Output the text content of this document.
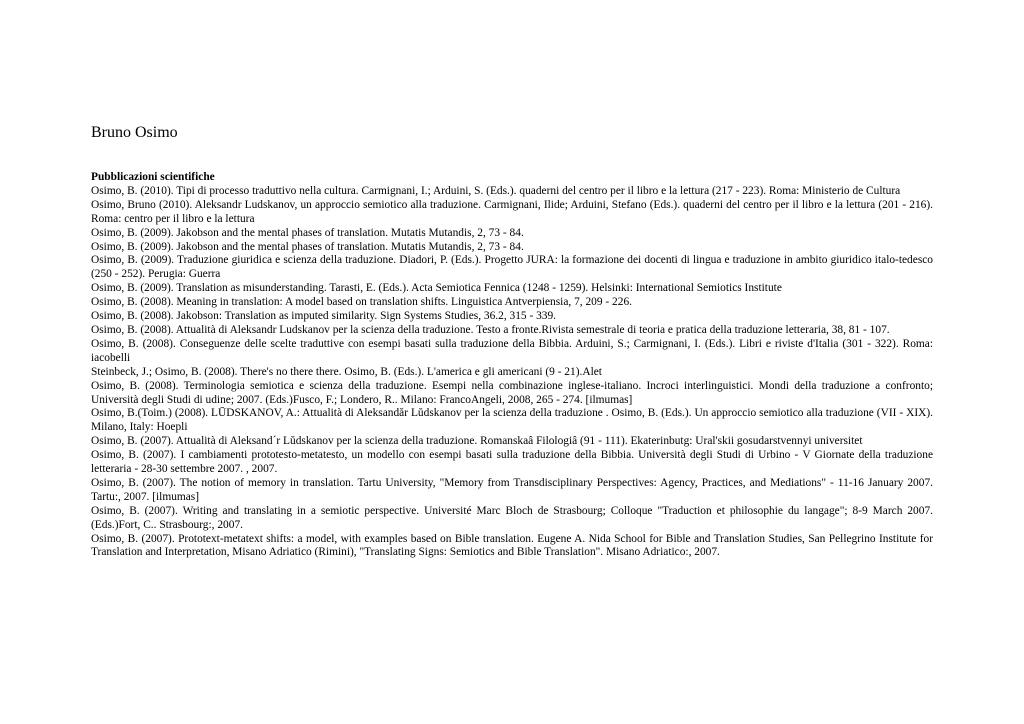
Bruno Osimo
Pubblicazioni scientifiche
Osimo, B. (2010). Tipi di processo traduttivo nella cultura. Carmignani, I.; Arduini, S. (Eds.). quaderni del centro per il libro e la lettura (217 - 223). Roma: Ministerio de Cultura
Osimo, Bruno (2010). Aleksandr Ludskanov, un approccio semiotico alla traduzione. Carmignani, Ilide; Arduini, Stefano (Eds.). quaderni del centro per il libro e la lettura (201 - 216). Roma: centro per il libro e la lettura
Osimo, B. (2009). Jakobson and the mental phases of translation. Mutatis Mutandis, 2, 73 - 84.
Osimo, B. (2009). Jakobson and the mental phases of translation. Mutatis Mutandis, 2, 73 - 84.
Osimo, B. (2009). Traduzione giuridica e scienza della traduzione. Diadori, P. (Eds.). Progetto JURA: la formazione dei docenti di lingua e traduzione in ambito giuridico italo-tedesco (250 - 252). Perugia: Guerra
Osimo, B. (2009). Translation as misunderstanding. Tarasti, E. (Eds.). Acta Semiotica Fennica (1248 - 1259). Helsinki: International Semiotics Institute
Osimo, B. (2008). Meaning in translation: A model based on translation shifts. Linguistica Antverpiensia, 7, 209 - 226.
Osimo, B. (2008). Jakobson: Translation as imputed similarity. Sign Systems Studies, 36.2, 315 - 339.
Osimo, B. (2008). Attualità di Aleksandr Ludskanov per la scienza della traduzione. Testo a fronte.Rivista semestrale di teoria e pratica della traduzione letteraria, 38, 81 - 107.
Osimo, B. (2008). Conseguenze delle scelte traduttive con esempi basati sulla traduzione della Bibbia. Arduini, S.; Carmignani, I. (Eds.). Libri e riviste d'Italia (301 - 322). Roma: iacobelli
Steinbeck, J.; Osimo, B. (2008). There's no there there. Osimo, B. (Eds.). L'america e gli americani (9 - 21).Alet
Osimo, B. (2008). Terminologia semiotica e scienza della traduzione. Esempi nella combinazione inglese-italiano. Incroci interlinguistici. Mondi della traduzione a confronto; Università degli Studi di udine; 2007. (Eds.)Fusco, F.; Londero, R.. Milano: FrancoAngeli, 2008, 265 - 274. [ilmumas]
Osimo, B.(Toim.) (2008). LŪDSKANOV, A.: Attualità di Aleksandăr Lŭdskanov per la scienza della traduzione . Osimo, B. (Eds.). Un approccio semiotico alla traduzione (VII - XIX). Milano, Italy: Hoepli
Osimo, B. (2007). Attualità di Aleksand´r Lŭdskanov per la scienza della traduzione. Romanskaâ Filologiâ (91 - 111). Ekaterinbutg: Ural'skii gosudarstvennyi universitet
Osimo, B. (2007). I cambiamenti prototesto-metatesto, un modello con esempi basati sulla traduzione della Bibbia. Università degli Studi di Urbino - V Giornate della traduzione letteraria - 28-30 settembre 2007. , 2007.
Osimo, B. (2007). The notion of memory in translation. Tartu University, "Memory from Transdisciplinary Perspectives: Agency, Practices, and Mediations" - 11-16 January 2007. Tartu:, 2007. [ilmumas]
Osimo, B. (2007). Writing and translating in a semiotic perspective. Université Marc Bloch de Strasbourg; Colloque "Traduction et philosophie du langage"; 8-9 March 2007. (Eds.)Fort, C.. Strasbourg:, 2007.
Osimo, B. (2007). Prototext-metatext shifts: a model, with examples based on Bible translation. Eugene A. Nida School for Bible and Translation Studies, San Pellegrino Institute for Translation and Interpretation, Misano Adriatico (Rimini), "Translating Signs: Semiotics and Bible Translation". Misano Adriatico:, 2007.
